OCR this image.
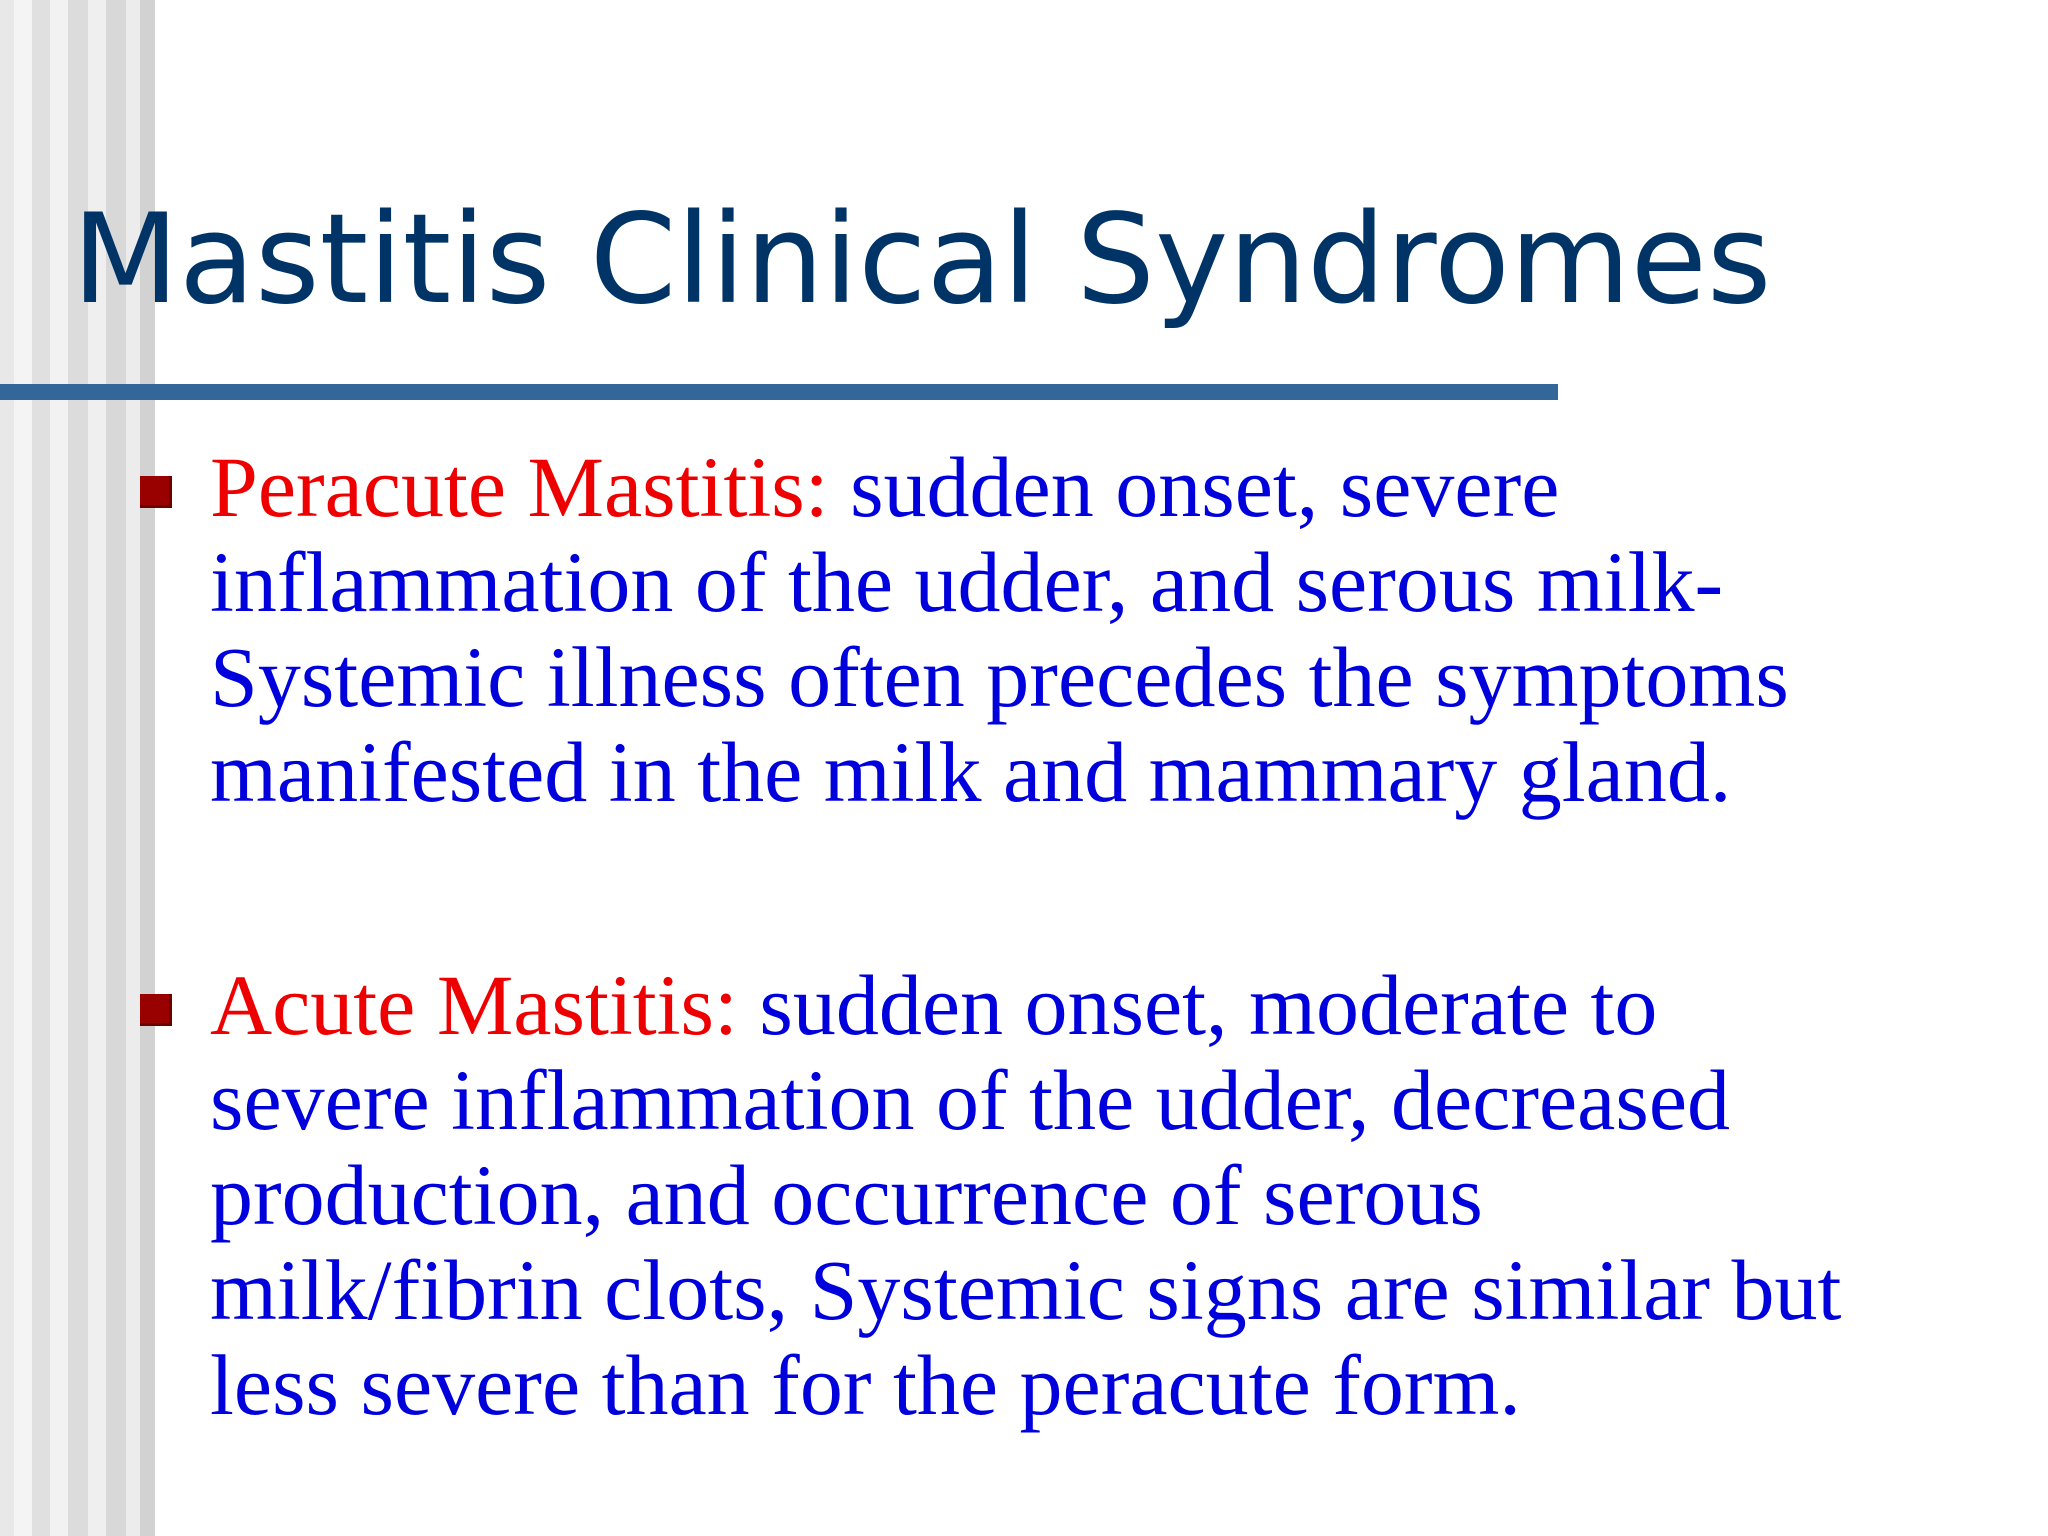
Mastitis Clinical Syndromes

Peracute Mastitis: sudden onset, severe
inflammation of the udder, and serous milk-
Systemic illness often precedes the symptoms
manifested in the milk and mammary gland.

Acute Mastitis: sudden onset, moderate to
severe inflammation of the udder, decreased
production, and occurrence of serous
milk/fibrin clots, Systemic signs are similar but
less severe than for the peracute form.
